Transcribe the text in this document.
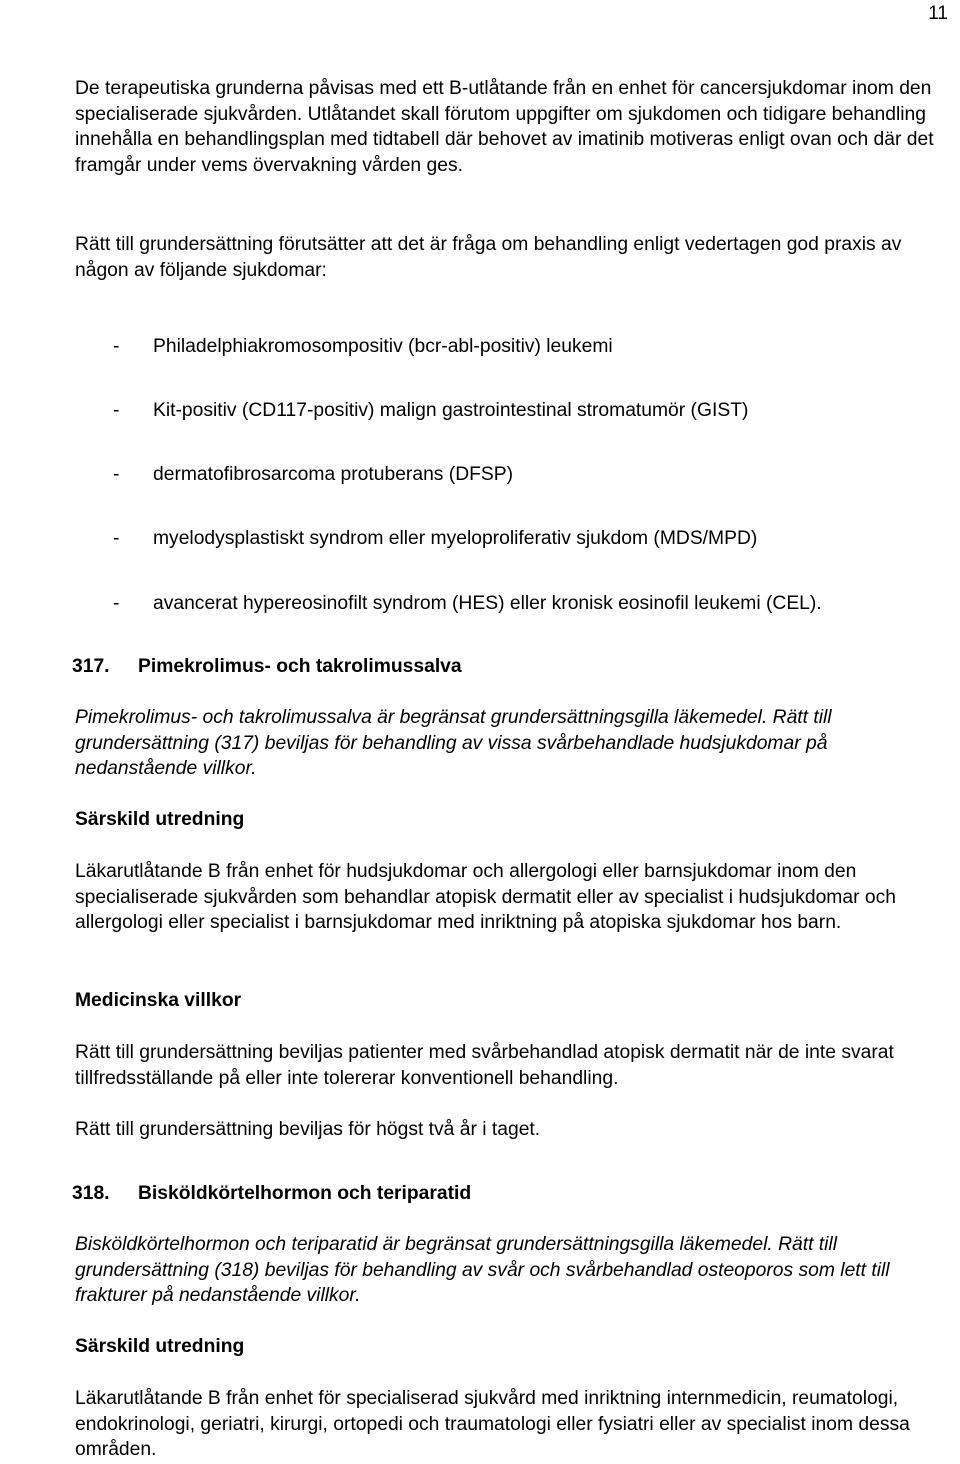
11

De terapeutiska grunderna påvisas med ett B-utlåtande från en enhet för cancersjukdomar inom den specialiserade sjukvården. Utlåtandet skall förutom uppgifter om sjukdomen och tidigare behandling innehålla en behandlingsplan med tidtabell där behovet av imatinib motiveras enligt ovan och där det framgår under vems övervakning vården ges.

Rätt till grundersättning förutsätter att det är fråga om behandling enligt vedertagen god praxis av någon av följande sjukdomar:

- Philadelphiakromosompositiv (bcr-abl-positiv) leukemi
- Kit-positiv (CD117-positiv) malign gastrointestinal stromatumör (GIST)
- dermatofibrosarcoma protuberans (DFSP)
- myelodysplastiskt syndrom eller myeloproliferativ sjukdom (MDS/MPD)
- avancerat hypereosinofilt syndrom (HES) eller kronisk eosinofil leukemi (CEL).
317. Pimekrolimus- och takrolimussalva

Pimekrolimus- och takrolimussalva är begränsat grundersättningsgilla läkemedel. Rätt till grundersättning (317) beviljas för behandling av vissa svårbehandlade hudsjukdomar på nedanstående villkor.

Särskild utredning

Läkarutlåtande B från enhet för hudsjukdomar och allergologi eller barnsjukdomar inom den specialiserade sjukvården som behandlar atopisk dermatit eller av specialist i hudsjukdomar och allergologi eller specialist i barnsjukdomar med inriktning på atopiska sjukdomar hos barn.

Medicinska villkor

Rätt till grundersättning beviljas patienter med svårbehandlad atopisk dermatit när de inte svarat tillfredsställande på eller inte tolererar konventionell behandling.

Rätt till grundersättning beviljas för högst två år i taget.

318. Bisköldkörtelhormon och teriparatid

Bisköldkörtelhormon och teriparatid är begränsat grundersättningsgilla läkemedel. Rätt till grundersättning (318) beviljas för behandling av svår och svårbehandlad osteoporos som lett till frakturer på nedanstående villkor.

Särskild utredning

Läkarutlåtande B från enhet för specialiserad sjukvård med inriktning internmedicin, reumatologi, endokrinologi, geriatri, kirurgi, ortopedi och traumatologi eller fysiatri eller av specialist inom dessa områden.
